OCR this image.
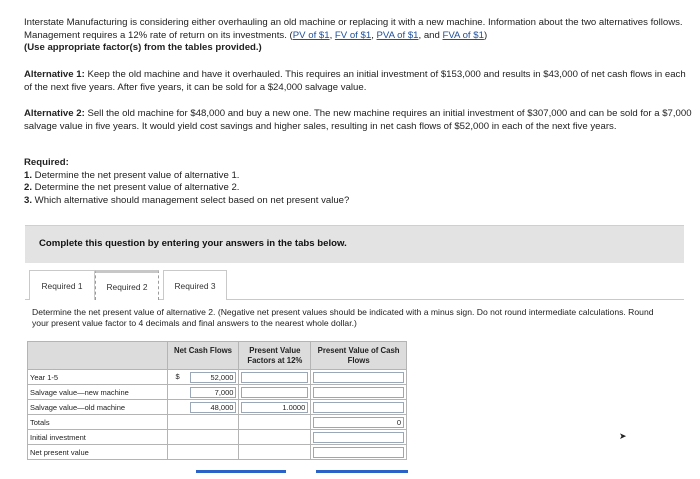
Interstate Manufacturing is considering either overhauling an old machine or replacing it with a new machine. Information about the two alternatives follows. Management requires a 12% rate of return on its investments. (PV of $1, FV of $1, PVA of $1, and FVA of $1)
(Use appropriate factor(s) from the tables provided.)
Alternative 1: Keep the old machine and have it overhauled. This requires an initial investment of $153,000 and results in $43,000 of net cash flows in each of the next five years. After five years, it can be sold for a $24,000 salvage value.
Alternative 2: Sell the old machine for $48,000 and buy a new one. The new machine requires an initial investment of $307,000 and can be sold for a $7,000 salvage value in five years. It would yield cost savings and higher sales, resulting in net cash flows of $52,000 in each of the next five years.
Required:
1. Determine the net present value of alternative 1.
2. Determine the net present value of alternative 2.
3. Which alternative should management select based on net present value?
Complete this question by entering your answers in the tabs below.
Required 1	Required 2	Required 3
Determine the net present value of alternative 2. (Negative net present values should be indicated with a minus sign. Do not round intermediate calculations. Round your present value factor to 4 decimals and final answers to the nearest whole dollar.)
	Net Cash Flows	Present Value Factors at 12%	Present Value of Cash Flows
Year 1-5	$ 52,000		

Salvage value—new machine	7,000		

Salvage value—old machine	48,000	1.0000	

Totals			0

Initial investment			

Net present value			
➤
